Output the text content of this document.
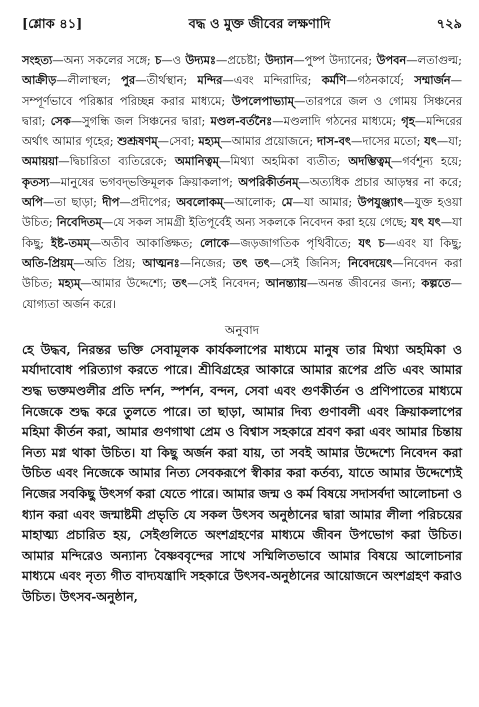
[শ্লোক ৪১]	বদ্ধ ও মুক্ত জীবের লক্ষণাদি	৭২৯
সংহত্য—অন্য সকলের সঙ্গে; চ—ও উদ্যমঃ—প্রচেষ্টা; উদ্যান—পুষ্প উদ্যানের; উপবন—লতাগুল্ম; আক্রীড়—লীলাস্থল; পুর—তীর্থস্থান; মন্দির—এবং মন্দিরাদির; কর্মণি—গঠনকার্যে; সম্মার্জন—সম্পূর্ণভাবে পরিষ্কার পরিচ্ছন্ন করার মাধ্যমে; উপলেপাভ্যাম্—তারপরে জল ও গোময় সিঞ্চনের দ্বারা; সেক—সুগন্ধি জল সিঞ্চনের দ্বারা; মণ্ডল-বর্তনৈঃ—মণ্ডলাদি গঠনের মাধ্যমে; গৃহ—মন্দিরের অর্থাৎ আমার গৃহের; শুশ্রূষণম্—সেবা; মহ্যম্—আমার প্রয়োজনে; দাস-বৎ—দাসের মতো; যৎ—যা; অমায়য়া—দ্বিচারিতা ব্যতিরেকে; অমানিত্বম্—মিথ্যা অহমিকা ব্যতীত; অদম্ভিত্বম্—গর্বশূন্য হয়ে; কৃতস্য—মানুষের ভগবদ্‌ভক্তিমূলক ক্রিয়াকলাপ; অপরিকীর্তনম্—অত্যধিক প্রচার আড়ম্বর না করে; অপি—তা ছাড়া; দীপ—প্রদীপের; অবলোকম্—আলোক; মে—যা আমার; উপযুঞ্জ্যাৎ—যুক্ত হওয়া উচিত; নিবেদিতম্—যে সকল সামগ্রী ইতিপূর্বেই অন্য সকলকে নিবেদন করা হয়ে গেছে; যৎ যৎ—যা কিছু; ইষ্ট-তমম্—অতীব আকাঙ্ক্ষিত; লোকে—জড়জাগতিক পৃথিবীতে; যৎ চ—এবং যা কিছু; অতি-প্রিয়ম্—অতি প্রিয়; আত্মনঃ—নিজের; তৎ তৎ—সেই জিনিস; নিবেদয়েৎ—নিবেদন করা উচিত; মহ্যম্—আমার উদ্দেশ্যে; তৎ—সেই নিবেদন; আনন্ত্যায়—অনন্ত জীবনের জন্য; কল্পতে—যোগ্যতা অর্জন করে।
অনুবাদ
হে উদ্ধব, নিরন্তর ভক্তি সেবামূলক কার্যকলাপের মাধ্যমে মানুষ তার মিথ্যা অহমিকা ও মর্যাদাবোধ পরিত্যাগ করতে পারে। শ্রীবিগ্রহের আকারে আমার রূপের প্রতি এবং আমার শুদ্ধ ভক্তমণ্ডলীর প্রতি দর্শন, স্পর্শন, বন্দন, সেবা এবং গুণকীর্তন ও প্রণিপাতের মাধ্যমে নিজেকে শুদ্ধ করে তুলতে পারে। তা ছাড়া, আমার দিব্য গুণাবলী এবং ক্রিয়াকলাপের মহিমা কীর্তন করা, আমার গুণগাথা প্রেম ও বিশ্বাস সহকারে শ্রবণ করা এবং আমার চিন্তায় নিত্য মগ্ন থাকা উচিত। যা কিছু অর্জন করা যায়, তা সবই আমার উদ্দেশ্যে নিবেদন করা উচিত এবং নিজেকে আমার নিত্য সেবকরূপে স্বীকার করা কর্তব্য, যাতে আমার উদ্দেশ্যেই নিজের সবকিছু উৎসর্গ করা যেতে পারে। আমার জন্ম ও কর্ম বিষয়ে সদাসর্বদা আলোচনা ও ধ্যান করা এবং জন্মাষ্টমী প্রভৃতি যে সকল উৎসব অনুষ্ঠানের দ্বারা আমার লীলা পরিচয়ের মাহাত্ম্য প্রচারিত হয়, সেইগুলিতে অংশগ্রহণের মাধ্যমে জীবন উপভোগ করা উচিত। আমার মন্দিরেও অন্যান্য বৈষ্ণববৃন্দের সাথে সম্মিলিতভাবে আমার বিষয়ে আলোচনার মাধ্যমে এবং নৃত্য গীত বাদ্যযন্ত্রাদি সহকারে উৎসব-অনুষ্ঠানের আয়োজনে অংশগ্রহণ করাও উচিত। উৎসব-অনুষ্ঠান,
